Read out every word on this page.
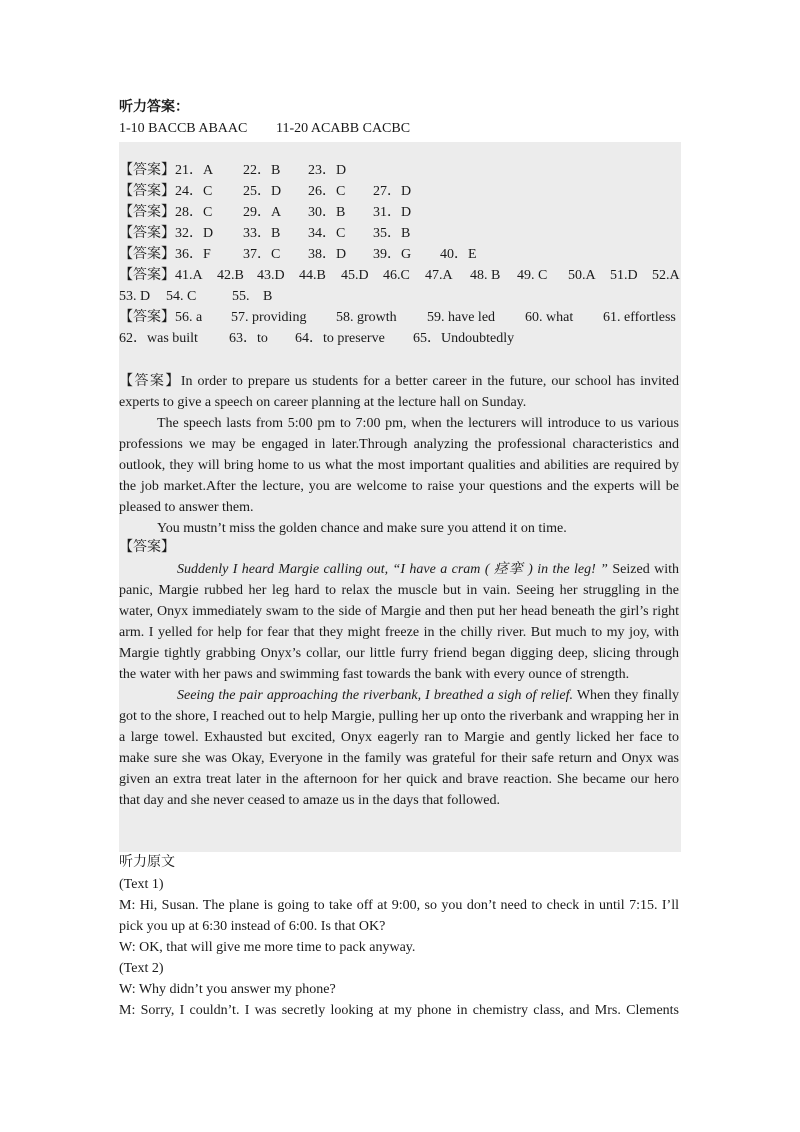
听力答案：
1-10 BACCB ABAAC 11-20 ACABB CACBC
【答案】 21．A 22．B 23．D
【答案】 24．C 25．D 26．C 27．D
【答案】 28．C 29．A 30．B 31．D
【答案】 32．D 33．B 34．C 35．B
【答案】 36．F 37．C 38．D 39．G 40．E
【答案】 41.A 42.B 43.D 44.B 45.D 46.C 47.A 48. B 49. C 50.A 51.D 52.A
53. D 54. C	55. B
【答案】 56. a 57. providing 58. growth 59. have led 60. what 61. effortless
62．was built 63．to 64．to preserve 65．Undoubtedly

【答案】In order to prepare us students for a better career in the future, our school has invited experts to give a speech on career planning at the lecture hall on Sunday.

The speech lasts from 5:00 pm to 7:00 pm, when the lecturers will introduce to us various professions we may be engaged in later.Through analyzing the professional characteristics and outlook, they will bring home to us what the most important qualities and abilities are required by the job market.After the lecture, you are welcome to raise your questions and the experts will be pleased to answer them.

You mustn’t miss the golden chance and make sure you attend it on time.

【答案】

Suddenly I heard Margie calling out, “I have a cram ( 痉挛 ) in the leg! ” Seized with panic, Margie rubbed her leg hard to relax the muscle but in vain. Seeing her struggling in the water, Onyx immediately swam to the side of Margie and then put her head beneath the girl’s right arm. I yelled for help for fear that they might freeze in the chilly river. But much to my joy, with Margie tightly grabbing Onyx’s collar, our little furry friend began digging deep, slicing through the water with her paws and swimming fast towards the bank with every ounce of strength.

Seeing the pair approaching the riverbank, I breathed a sigh of relief. When they finally got to the shore, I reached out to help Margie, pulling her up onto the riverbank and wrapping her in a large towel. Exhausted but excited, Onyx eagerly ran to Margie and gently licked her face to make sure she was Okay, Everyone in the family was grateful for their safe return and Onyx was given an extra treat later in the afternoon for her quick and brave reaction. She became our hero that day and she never ceased to amaze us in the days that followed.

听力原文

(Text 1)

M: Hi, Susan. The plane is going to take off at 9:00, so you don’t need to check in until 7:15. I’ll pick you up at 6:30 instead of 6:00. Is that OK?

W: OK, that will give me more time to pack anyway.

(Text 2)

W: Why didn’t you answer my phone?

M: Sorry, I couldn’t. I was secretly looking at my phone in chemistry class, and Mrs. Clements
